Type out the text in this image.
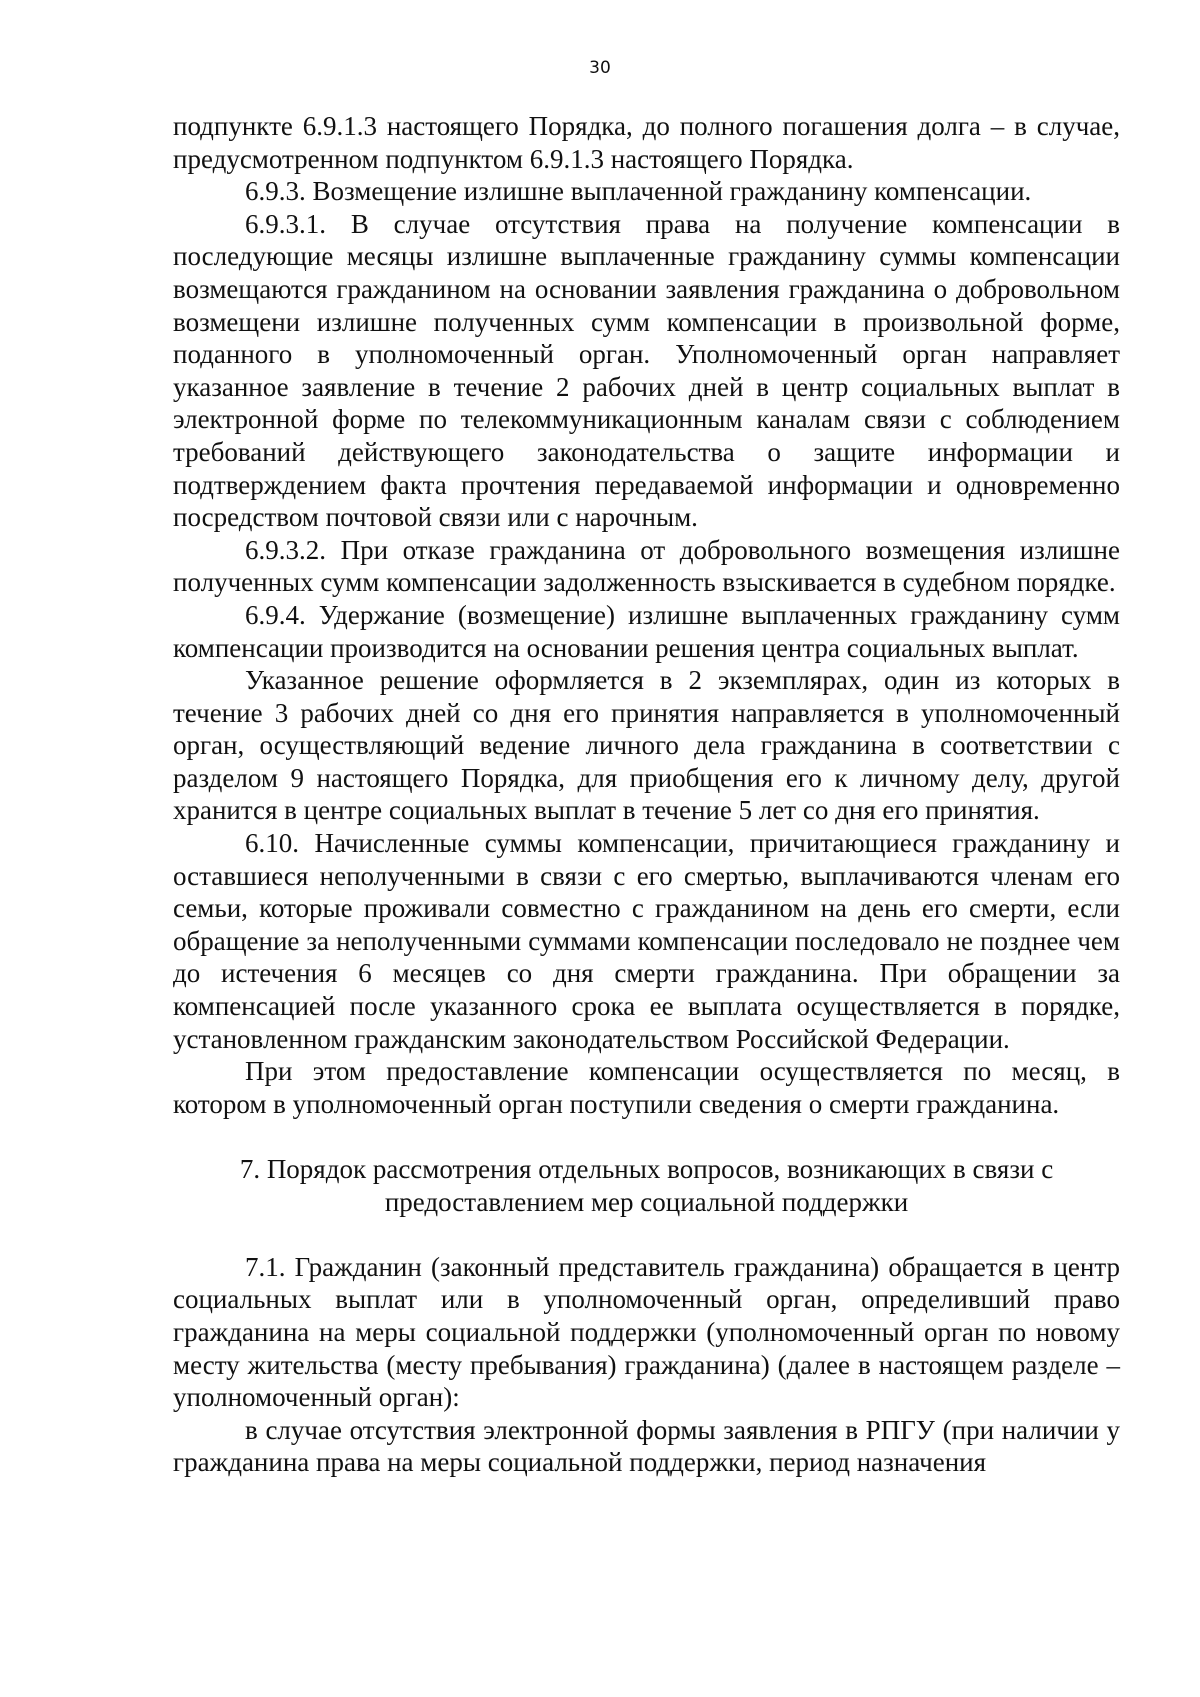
30

подпункте 6.9.1.3 настоящего Порядка, до полного погашения долга – в случае, предусмотренном подпунктом 6.9.1.3 настоящего Порядка.

6.9.3. Возмещение излишне выплаченной гражданину компенсации.

6.9.3.1. В случае отсутствия права на получение компенсации в последующие месяцы излишне выплаченные гражданину суммы компенсации возмещаются гражданином на основании заявления гражданина о добровольном возмещени излишне полученных сумм компенсации в произвольной форме, поданного в уполномоченный орган. Уполномоченный орган направляет указанное заявление в течение 2 рабочих дней в центр социальных выплат в электронной форме по телекоммуникационным каналам связи с соблюдением требований действующего законодательства о защите информации и подтверждением факта прочтения передаваемой информации и одновременно посредством почтовой связи или с нарочным.

6.9.3.2. При отказе гражданина от добровольного возмещения излишне полученных сумм компенсации задолженность взыскивается в судебном порядке.

6.9.4. Удержание (возмещение) излишне выплаченных гражданину сумм компенсации производится на основании решения центра социальных выплат.

Указанное решение оформляется в 2 экземплярах, один из которых в течение 3 рабочих дней со дня его принятия направляется в уполномоченный орган, осуществляющий ведение личного дела гражданина в соответствии с разделом 9 настоящего Порядка, для приобщения его к личному делу, другой хранится в центре социальных выплат в течение 5 лет со дня его принятия.

6.10. Начисленные суммы компенсации, причитающиеся гражданину и оставшиеся неполученными в связи с его смертью, выплачиваются членам его семьи, которые проживали совместно с гражданином на день его смерти, если обращение за неполученными суммами компенсации последовало не позднее чем до истечения 6 месяцев со дня смерти гражданина. При обращении за компенсацией после указанного срока ее выплата осуществляется в порядке, установленном гражданским законодательством Российской Федерации.

При этом предоставление компенсации осуществляется по месяц, в котором в уполномоченный орган поступили сведения о смерти гражданина.

7. Порядок рассмотрения отдельных вопросов, возникающих в связи с
предоставлением мер социальной поддержки

7.1. Гражданин (законный представитель гражданина) обращается в центр социальных выплат или в уполномоченный орган, определивший право гражданина на меры социальной поддержки (уполномоченный орган по новому месту жительства (месту пребывания) гражданина) (далее в настоящем разделе – уполномоченный орган):

в случае отсутствия электронной формы заявления в РПГУ (при наличии у гражданина права на меры социальной поддержки, период назначения
